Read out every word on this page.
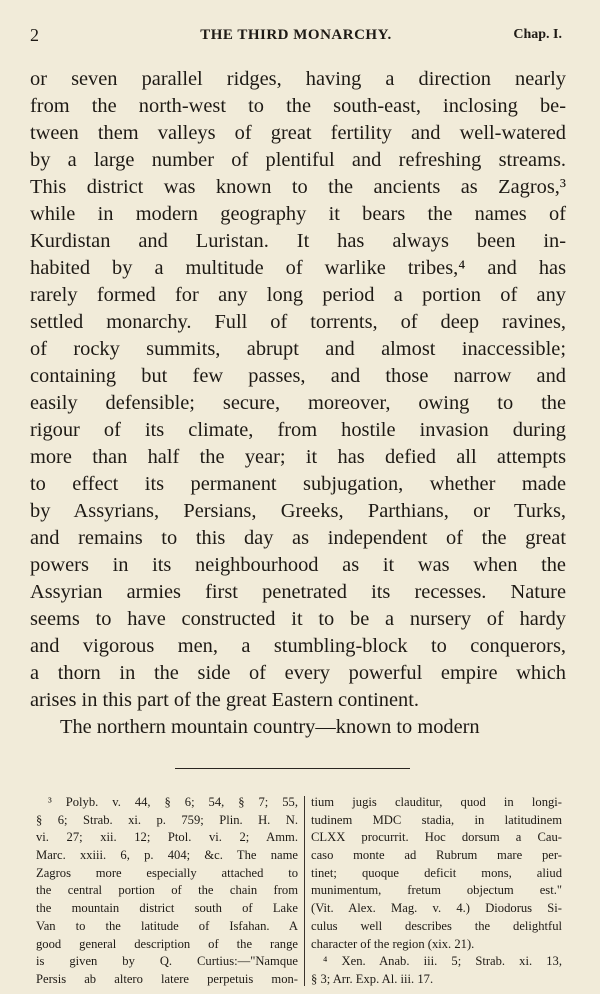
2	THE THIRD MONARCHY.	Chap. I.
or seven parallel ridges, having a direction nearly
from the north-west to the south-east, inclosing be-
tween them valleys of great fertility and well-watered
by a large number of plentiful and refreshing streams.
This district was known to the ancients as Zagros,³
while in modern geography it bears the names of
Kurdistan and Luristan. It has always been in-
habited by a multitude of warlike tribes,⁴ and has
rarely formed for any long period a portion of any
settled monarchy. Full of torrents, of deep ravines,
of rocky summits, abrupt and almost inaccessible;
containing but few passes, and those narrow and
easily defensible; secure, moreover, owing to the
rigour of its climate, from hostile invasion during
more than half the year; it has defied all attempts
to effect its permanent subjugation, whether made
by Assyrians, Persians, Greeks, Parthians, or Turks,
and remains to this day as independent of the great
powers in its neighbourhood as it was when the
Assyrian armies first penetrated its recesses. Nature
seems to have constructed it to be a nursery of hardy
and vigorous men, a stumbling-block to conquerors,
a thorn in the side of every powerful empire which
arises in this part of the great Eastern continent.
The northern mountain country—known to modern
³ Polyb. v. 44, § 6; 54, § 7; 55,
§ 6; Strab. xi. p. 759; Plin. H. N.
vi. 27; xii. 12; Ptol. vi. 2; Amm.
Marc. xxiii. 6, p. 404; &c. The name
Zagros more especially attached to
the central portion of the chain from
the mountain district south of Lake
Van to the latitude of Isfahan. A
good general description of the range
is given by Q. Curtius:—"Namque
Persis ab altero latere perpetuis mon-
tium jugis clauditur, quod in longi-
tudinem MDC stadia, in latitudinem
CLXX procurrit. Hoc dorsum a Cau-
caso monte ad Rubrum mare per-
tinet; quoque deficit mons, aliud
munimentum, fretum objectum est."
(Vit. Alex. Mag. v. 4.) Diodorus Si-
culus well describes the delightful
character of the region (xix. 21).
⁴ Xen. Anab. iii. 5; Strab. xi. 13,
§ 3; Arr. Exp. Al. iii. 17.
